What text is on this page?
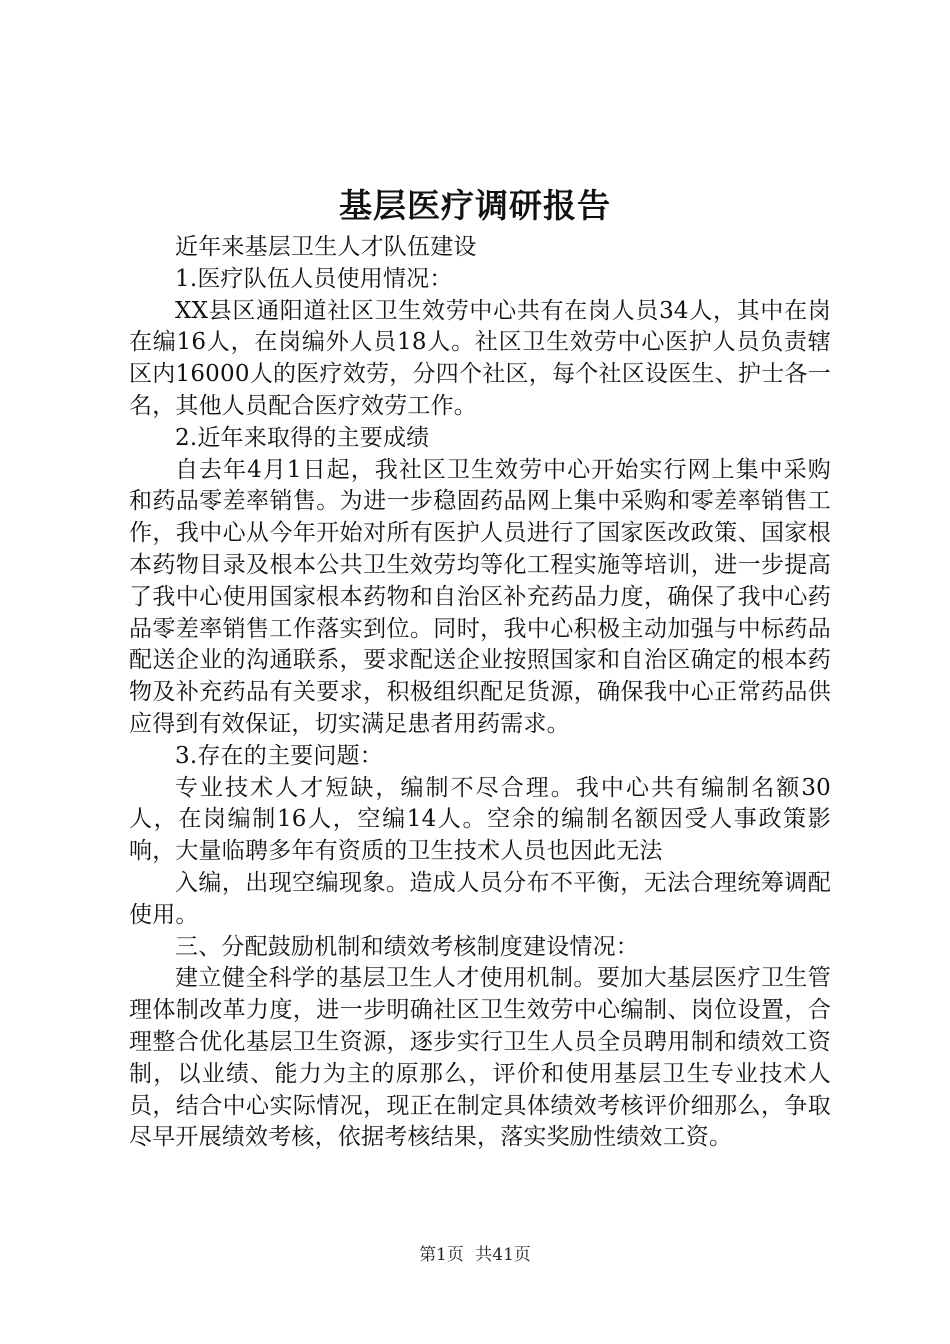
基层医疗调研报告

近年来基层卫生人才队伍建设

1.医疗队伍人员使用情况：

XX县区通阳道社区卫生效劳中心共有在岗人员34人，其中在岗在编16人，在岗编外人员18人。社区卫生效劳中心医护人员负责辖区内16000人的医疗效劳，分四个社区，每个社区设医生、护士各一名，其他人员配合医疗效劳工作。

2.近年来取得的主要成绩

自去年4月1日起，我社区卫生效劳中心开始实行网上集中采购和药品零差率销售。为进一步稳固药品网上集中采购和零差率销售工作，我中心从今年开始对所有医护人员进行了国家医改政策、国家根本药物目录及根本公共卫生效劳均等化工程实施等培训，进一步提高了我中心使用国家根本药物和自治区补充药品力度，确保了我中心药品零差率销售工作落实到位。同时，我中心积极主动加强与中标药品配送企业的沟通联系，要求配送企业按照国家和自治区确定的根本药物及补充药品有关要求，积极组织配足货源，确保我中心正常药品供应得到有效保证，切实满足患者用药需求。

3.存在的主要问题：

专业技术人才短缺，编制不尽合理。我中心共有编制名额30人，在岗编制16人，空编14人。空余的编制名额因受人事政策影响，大量临聘多年有资质的卫生技术人员也因此无法

入编，出现空编现象。造成人员分布不平衡，无法合理统筹调配使用。

三、分配鼓励机制和绩效考核制度建设情况：

建立健全科学的基层卫生人才使用机制。要加大基层医疗卫生管理体制改革力度，进一步明确社区卫生效劳中心编制、岗位设置，合理整合优化基层卫生资源，逐步实行卫生人员全员聘用制和绩效工资制，以业绩、能力为主的原那么，评价和使用基层卫生专业技术人员，结合中心实际情况，现正在制定具体绩效考核评价细那么，争取尽早开展绩效考核，依据考核结果，落实奖励性绩效工资。

第1页 共41页
